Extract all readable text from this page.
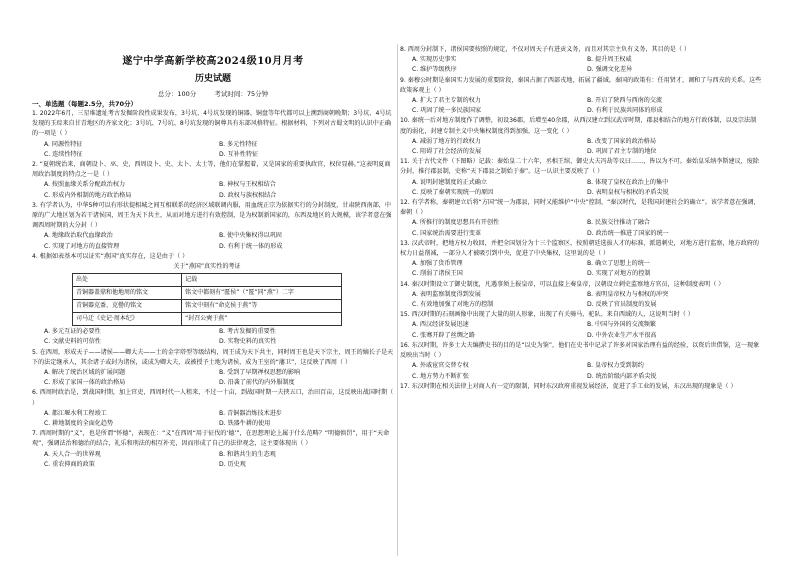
遂宁中学高新学校高2024级10月月考
历史试题
总分：100分	考试时间：75分钟
一、单选题（每题2.5分，共70分）

1. 2022年6月，三星堆遗址考古发掘阶段性成果发布，3号坑、4号坑发现的铜器、铜盘等年代都可以上溯到商朝晚期；3号坑、4号坑发现的玉琮来自甘青地区的齐家文化；3号坑、7号坑、8号坑发现的铜尊具有东部风格特征。根据材料，下列对古蜀文明的认识中正确的一项是（ ）

A. 同源性特征	B. 多元性特征
C. 连续性特征	D. 互补性特征

2. “夏朝统治来，商朝设卜、巫、史，西周设卜、史、太卜、太士等，他们在掌握着，又是国家的重要执政官，权位显赫。”这表明夏商周政治制度的特点之一是（ ）

A. 按照血缘关系分配政治权力	B. 神权与王权相结合
C. 形成内外相制的地方政治格局	D. 政权与族权相结合

3. 有学者认为，中华5种可以有形状提相城之间互相联系的经济区域联调内服，用血统正宗为依据实行的分封制度，甘肃陕西南部，中原的广大地区划为若干诸侯国，周王为天下共主，从而对地方进行有效控制，是为权制新国家的，东西及地区的大规模，该学者意在强调西周时期的大分封（ ）

A. 地缘政治取代血缘政治	B. 使中央集权得以巩固
C. 实现了对地方的直接管理	D. 有利于统一体的形成

4. 根据如表基本可以证实“燕国”真实存在，这是由于（ ）

关于“燕国”真实性的考证
出处	记载
青铜器盖鼎和他地周的铭文	铭文中都刻有“匽侯”（“匽”同“燕”）二字
青铜器克盉、克罍的铭文	铭文中刻有“命克侯于燕”等
司马迁《史记·周本纪》	“封召公奭于燕”
A. 多元互证的必要性	B. 考古发掘的重要性
C. 文献史料的可信性	D. 实物史料的真实性

5. 在西周，形成天子——诸侯——卿大夫——士的金字塔型等级结构，周王成为天下共主，同时周王也是天下宗主，周王的嫡长子是天下的法定继承人，其余诸子或封为诸侯，或成为卿大夫，或被授予土地为诸侯，成为王室的“藩卫”，这反映了西周（ ）

A. 解决了统治区域的扩展问题	B. 受到了早期禅权思想的影响
C. 形成了家国一体的政治格局	D. 沿袭了前代的内外服制度

6. 西周时政治是，到战国时期，加上官吏，西周时代一人租来，不过一十亩，到战国时期一夫挟五口，治田百亩，这反映出战国时期（ ）

A. 都江堰水利工程竣工	B. 青铜器冶炼技术进步
C. 耕地制度的全面化趋势	D. 铁器牛耕的使用

7. 西周时期的“义”，也是所谓“怀德”，表现在：“义”在西周“用于征伐的‘德’”，在思想理论上属于什么范畴？“明德慎罚”，用于“天命观”，强调法治和德治的结合，礼乐和刑法的相互补充，因而形成了自己的法律观念，这主要体现出（ ）

A. 天人合一的世界观	B. 和谐共生的生态观
C. 重农抑商的政策	D. 历史观

8. 西周分封制下，诸侯国要按照的规定，不仅对周天子有进贡义务，而且对其宗主负有义务，其目的是（ ）

A. 实现历史事实	B. 提升周王权威
C. 维护等级秩序	D. 强调文化差异

9. 秦穆公时期是秦国实力发展的重要阶段，秦国占据了西部戎地，拓展了疆域。秦国的政策有：任用贤才，调和了与西戎的关系。这些政策客观上（ ）

A. 扩大了君主专制的权力	B. 开启了陕西与西南的交流
C. 巩固了统一多民族国家	D. 有利于民族共同体的形成

10. 秦统一后对地方制度作了调整，初设36郡，后增至40余郡，从西汉建立到汉武帝时期，郡县相结合的地方行政体制，以及宗法制度的弱化，封建专制主义中央集权制度得到加强，这一变化（ ）

A. 减弱了地方的行政权力	B. 改变了国家的政治格局
C. 阻碍了社会经济的发展	D. 巩固了君主专制的地位

11. 关于古代文件（下图略）记载：秦始皇二十六年，丞相王绾、御史大夫冯劫等议曰……，皆以为不可。秦始皇采纳李斯建议，废除分封，推行郡县制，史称“天下郡县之制始于秦”。这一认识主要反映了（ ）

A. 说明封建制度的正式确立	B. 体现了皇权在政治上的集中
C. 反映了秦朝实现统一的原因	D. 表明皇权与相权的矛盾尖锐

12. 有学者称，秦朝建立后将“方国”统一为郡县，同时又能维护“中央”控制，“秦汉时代，是我国封建社会的确立”。该学者意在强调，秦朝（ ）

A. 所推行的制度思想具有开创性	B. 民族交往推动了融合
C. 国家统治需要进行变革	D. 政治统一推进了国家的统一

13. 汉武帝时，把地方权力收回，并把全国划分为十三个监察区，按照朝廷选拔人才的标准，派遣刺史，对地方进行监察，地方政府的权力日益削减，一部分人才被吸引到中央，促进了中央集权，这里说的是（ ）

A. 加强了货币管理	B. 确立了思想上的统一
C. 削弱了诸侯王国	D. 实现了对地方的控制

14. 秦汉时期设立了御史制度，凡遇事须上报皇帝，可以直接上奏皇帝，汉朝设立刺史监察地方官员，这种制度表明（ ）

A. 表明监察制度得到发展	B. 表明皇帝权力与相权的冲突
C. 有效地加强了对地方的控制	D. 反映了官员制度的发展

15. 西汉时期的石刻画像中出现了大量的胡人形象，出现了有关骑马、驼队、来自西域的人，这说明当时（ ）

A. 西汉经济发展迅速	B. 中国与外国的交流频繁
C. 张骞开辟了丝绸之路	D. 中外农业生产水平很高

16. 东汉时期，许多士大夫编撰史书的目的是“以史为鉴”，他们在史书中记录了许多对国家治理有益的经验，以资后世借鉴，这一现象反映出当时（ ）

A. 外戚宦官交替专权	B. 皇帝权力受到制约
C. 地方势力不断扩张	D. 统治阶级内部矛盾尖锐

17. 东汉时期在相关法律上对商人有一定的限制，同时东汉政府重视发展经济，促进了手工业的发展，东汉出现的现象是（ ）
